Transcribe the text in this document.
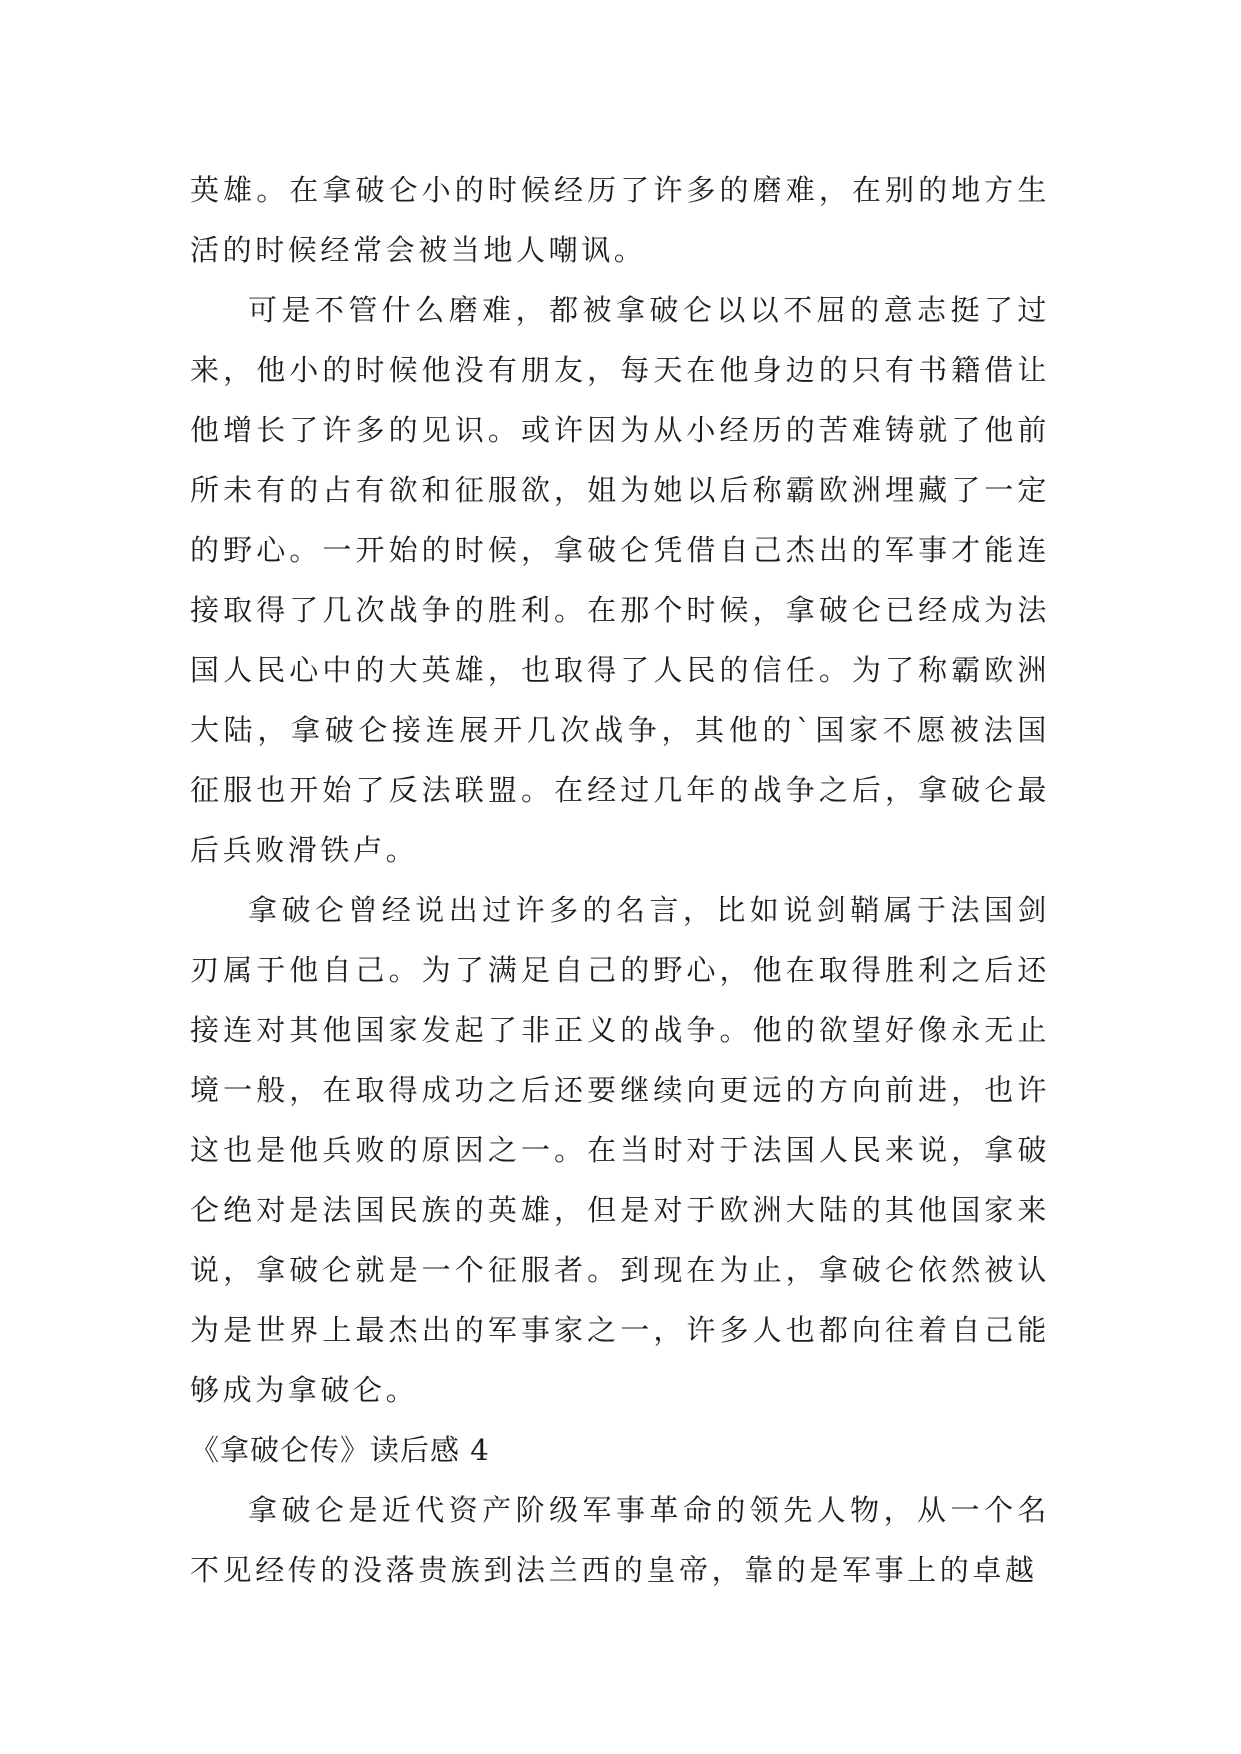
英雄。在拿破仑小的时候经历了许多的磨难，在别的地方生活的时候经常会被当地人嘲讽。

可是不管什么磨难，都被拿破仑以以不屈的意志挺了过来，他小的时候他没有朋友，每天在他身边的只有书籍借让他增长了许多的见识。或许因为从小经历的苦难铸就了他前所未有的占有欲和征服欲，姐为她以后称霸欧洲埋藏了一定的野心。一开始的时候，拿破仑凭借自己杰出的军事才能连接取得了几次战争的胜利。在那个时候，拿破仑已经成为法国人民心中的大英雄，也取得了人民的信任。为了称霸欧洲大陆，拿破仑接连展开几次战争，其他的`国家不愿被法国征服也开始了反法联盟。在经过几年的战争之后，拿破仑最后兵败滑铁卢。

拿破仑曾经说出过许多的名言，比如说剑鞘属于法国剑刃属于他自己。为了满足自己的野心，他在取得胜利之后还接连对其他国家发起了非正义的战争。他的欲望好像永无止境一般，在取得成功之后还要继续向更远的方向前进，也许这也是他兵败的原因之一。在当时对于法国人民来说，拿破仑绝对是法国民族的英雄，但是对于欧洲大陆的其他国家来说，拿破仑就是一个征服者。到现在为止，拿破仑依然被认为是世界上最杰出的军事家之一，许多人也都向往着自己能够成为拿破仑。

《拿破仑传》读后感 4

拿破仑是近代资产阶级军事革命的领先人物，从一个名不见经传的没落贵族到法兰西的皇帝，靠的是军事上的卓越
